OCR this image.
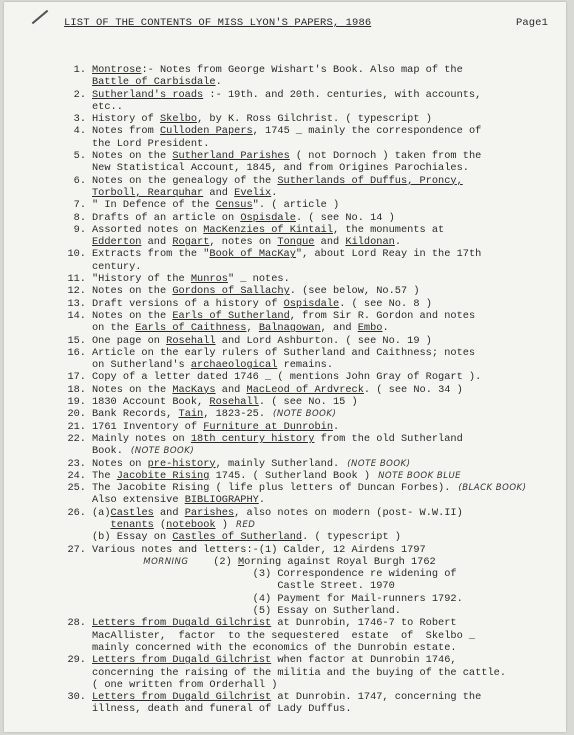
LIST OF THE CONTENTS OF MISS LYON'S PAPERS, 1986	Page1
1. Montrose:- Notes from George Wishart's Book. Also map of the
Battle of Carbisdale.
2. Sutherland's roads :- 19th. and 20th. centuries, with accounts,
etc..
3. History of Skelbo, by K. Ross Gilchrist. ( typescript )
4. Notes from Culloden Papers, 1745 _ mainly the correspondence of
the Lord President.
5. Notes on the Sutherland Parishes ( not Dornoch ) taken from the
New Statistical Account, 1845, and from Origines Parochiales.
6. Notes on the genealogy of the Sutherlands of Duffus, Proncy,
Torboll, Rearquhar and Evelix.
7. " In Defence of the Census". ( article )
8. Drafts of an article on Ospisdale. ( see No. 14 )
9. Assorted notes on MacKenzies of Kintail, the monuments at
Edderton and Rogart, notes on Tongue and Kildonan.
10. Extracts from the "Book of MacKay", about Lord Reay in the 17th
century.
11. "History of the Munros" _ notes.
12. Notes on the Gordons of Sallachy. (see below, No.57 )
13. Draft versions of a history of Ospisdale. ( see No. 8 )
14. Notes on the Earls of Sutherland, from Sir R. Gordon and notes
on the Earls of Caithness, Balnagowan, and Embo.
15. One page on Rosehall and Lord Ashburton. ( see No. 19 )
16. Article on the early rulers of Sutherland and Caithness; notes
on Sutherland's archaeological remains.
17. Copy of a letter dated 1746 _ ( mentions John Gray of Rogart ).
18. Notes on the MacKays and MacLeod of Ardvreck. ( see No. 34 )
19. 1830 Account Book, Rosehall. ( see No. 15 )
20. Bank Records, Tain, 1823-25. (NOTE BOOK)
21. 1761 Inventory of Furniture at Dunrobin.
22. Mainly notes on 18th century history from the old Sutherland
Book. (NOTE BOOK)
23. Notes on pre-history, mainly Sutherland. (NOTE BOOK)
24. The Jacobite Rising 1745. ( Sutherland Book ) NOTE BOOK BLUE
25. The Jacobite Rising ( life plus letters of Duncan Forbes). (BLACK BOOK)
Also extensive BIBLIOGRAPHY.
26. (a)Castles and Parishes, also notes on modern (post- W.W.II)
tenants (notebook ) RED
(b) Essay on Castles of Sutherland. ( typescript )
27. Various notes and letters:-(1) Calder, 12 Airdens 1797
MORNING    (2) Morning against Royal Burgh 1762
(3) Correspondence re widening of
Castle Street. 1970
(4) Payment for Mail-runners 1792.
(5) Essay on Sutherland.
28. Letters from Dugald Gilchrist at Dunrobin, 1746-7 to Robert
MacAllister,  factor  to the sequestered  estate  of  Skelbo _
mainly concerned with the economics of the Dunrobin estate.
29. Letters from Dugald Gilchrist when factor at Dunrobin 1746,
concerning the raising of the militia and the buying of the cattle.
( one written from Orderhall )
30. Letters from Dugald Gilchrist at Dunrobin. 1747, concerning the
illness, death and funeral of Lady Duffus.
